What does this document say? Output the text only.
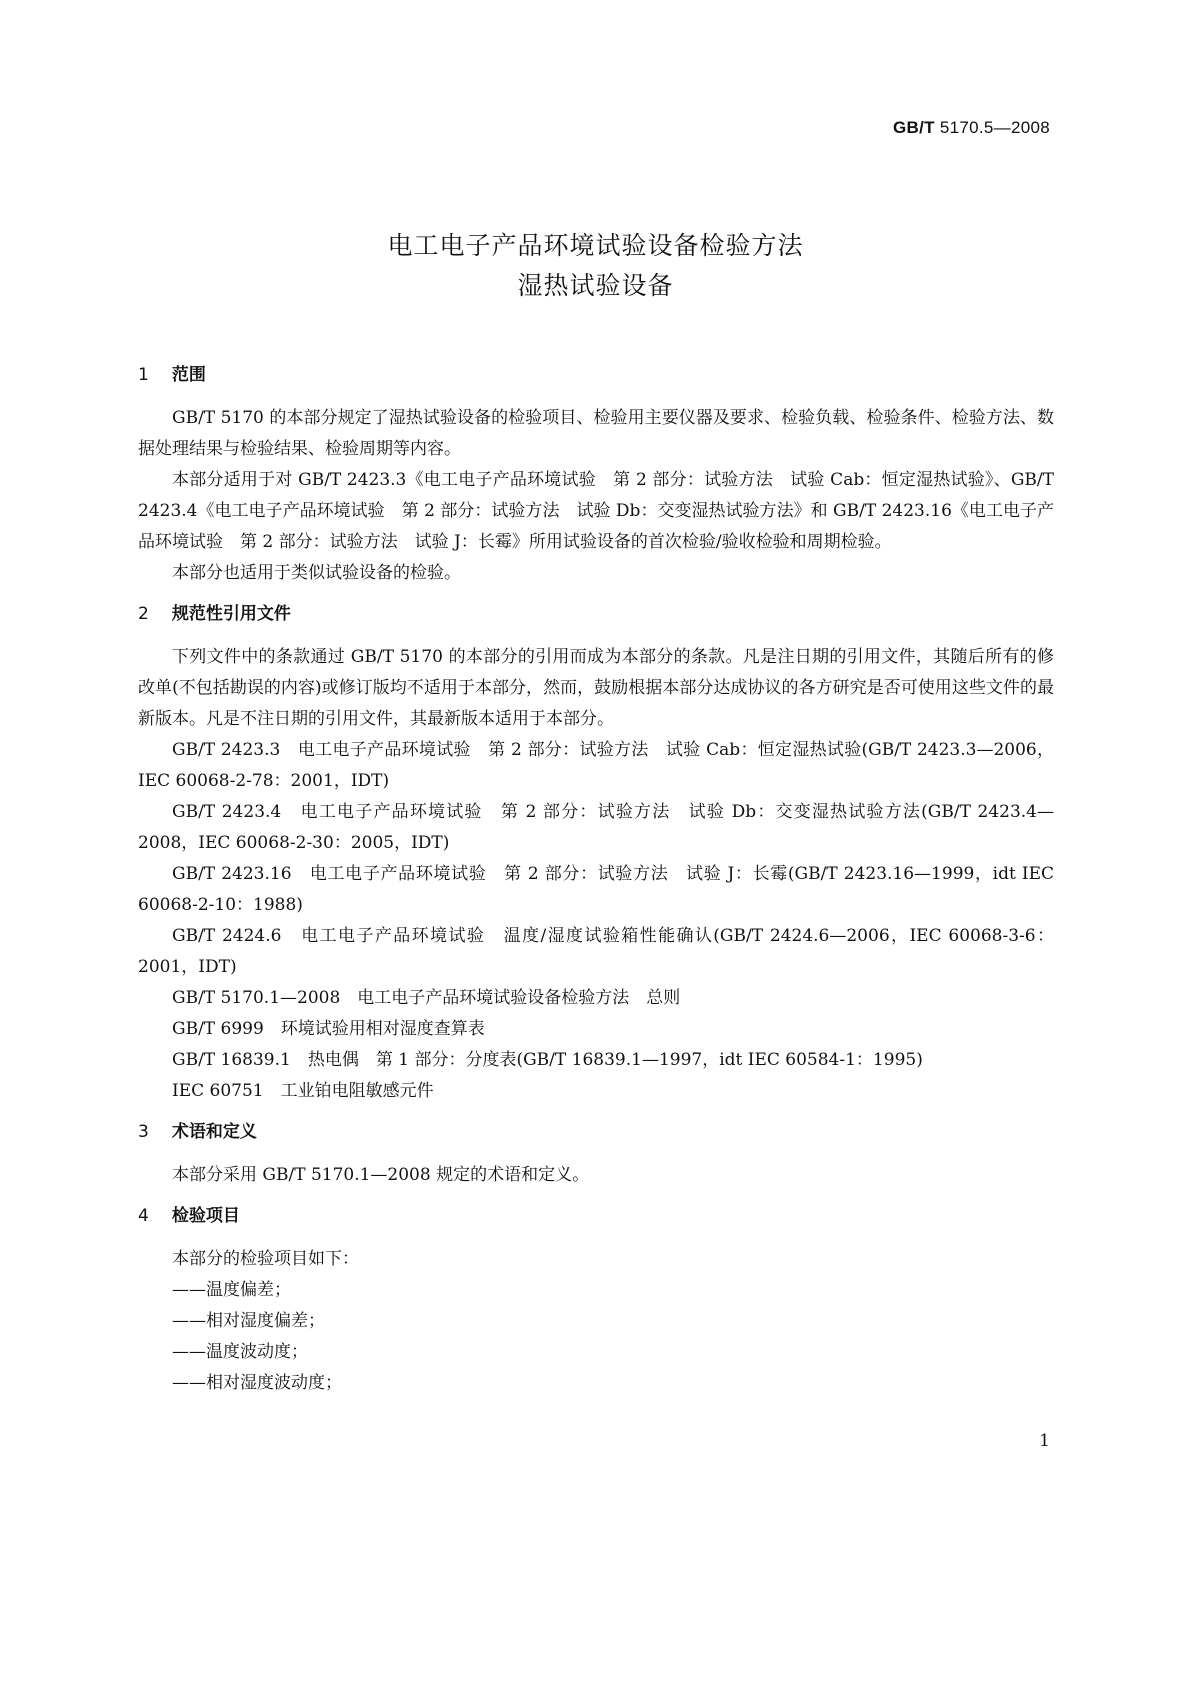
GB/T 5170.5—2008
电工电子产品环境试验设备检验方法
湿热试验设备
1 范围

GB/T 5170 的本部分规定了湿热试验设备的检验项目、检验用主要仪器及要求、检验负载、检验条件、检验方法、数据处理结果与检验结果、检验周期等内容。

本部分适用于对 GB/T 2423.3《电工电子产品环境试验　第 2 部分：试验方法　试验 Cab：恒定湿热试验》、GB/T 2423.4《电工电子产品环境试验　第 2 部分：试验方法　试验 Db：交变湿热试验方法》和 GB/T 2423.16《电工电子产品环境试验　第 2 部分：试验方法　试验 J：长霉》所用试验设备的首次检验/验收检验和周期检验。

本部分也适用于类似试验设备的检验。

2 规范性引用文件

下列文件中的条款通过 GB/T 5170 的本部分的引用而成为本部分的条款。凡是注日期的引用文件，其随后所有的修改单(不包括勘误的内容)或修订版均不适用于本部分，然而，鼓励根据本部分达成协议的各方研究是否可使用这些文件的最新版本。凡是不注日期的引用文件，其最新版本适用于本部分。

GB/T 2423.3　电工电子产品环境试验　第 2 部分：试验方法　试验 Cab：恒定湿热试验(GB/T 2423.3—2006，IEC 60068-2-78：2001，IDT)

GB/T 2423.4　电工电子产品环境试验　第 2 部分：试验方法　试验 Db：交变湿热试验方法(GB/T 2423.4—2008，IEC 60068-2-30：2005，IDT)

GB/T 2423.16　电工电子产品环境试验　第 2 部分：试验方法　试验 J：长霉(GB/T 2423.16—1999，idt IEC 60068-2-10：1988)

GB/T 2424.6　电工电子产品环境试验　温度/湿度试验箱性能确认(GB/T 2424.6—2006，IEC 60068-3-6：2001，IDT)

GB/T 5170.1—2008　电工电子产品环境试验设备检验方法　总则

GB/T 6999　环境试验用相对湿度查算表

GB/T 16839.1　热电偶　第 1 部分：分度表(GB/T 16839.1—1997，idt IEC 60584-1：1995)

IEC 60751　工业铂电阻敏感元件

3 术语和定义

本部分采用 GB/T 5170.1—2008 规定的术语和定义。

4 检验项目

本部分的检验项目如下：

——温度偏差；

——相对湿度偏差；

——温度波动度；

——相对湿度波动度；

1
